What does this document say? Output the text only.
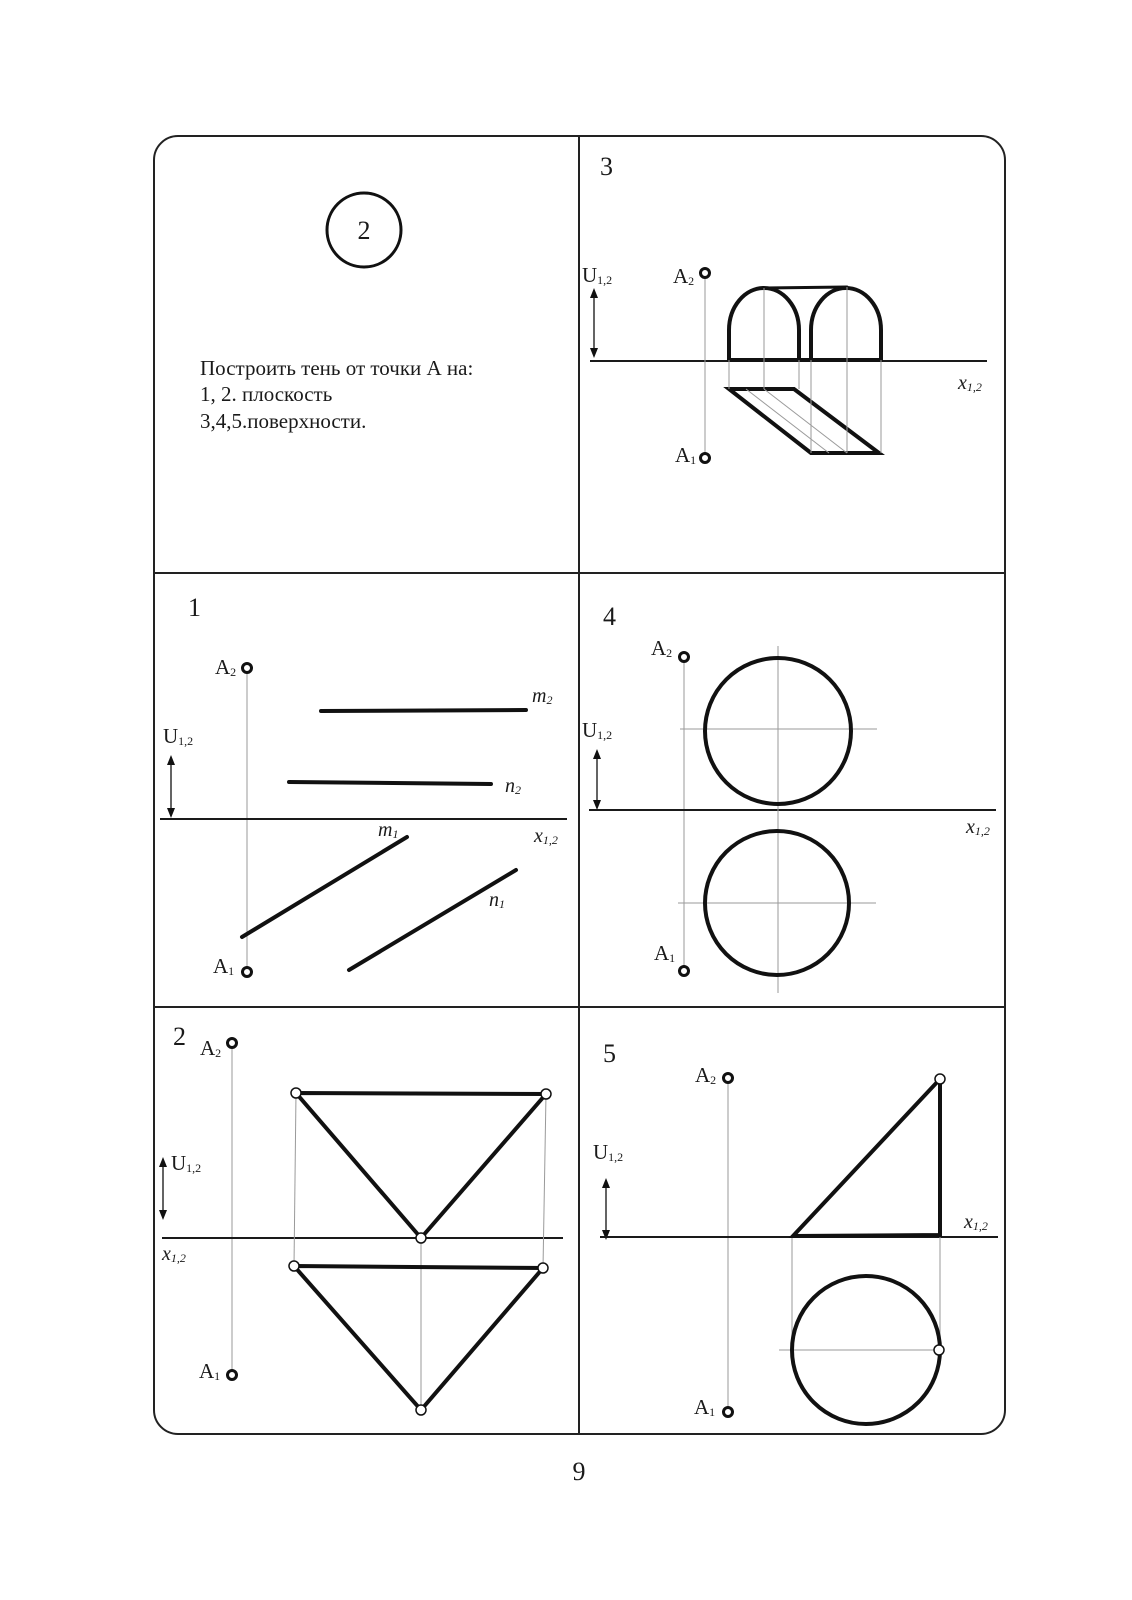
2
Построить тень от точки А на:
1, 2. плоскость
3,4,5.поверхности.
3
U1,2
x1,2
A2
A1
1
A2
A1
U1,2
x1,2
m2
n2
m1
n1
4
A2
A1
U1,2
x1,2
2 A2
A1
U1,2
x1,2
5
A2
A1
U1,2
x1,2
9
